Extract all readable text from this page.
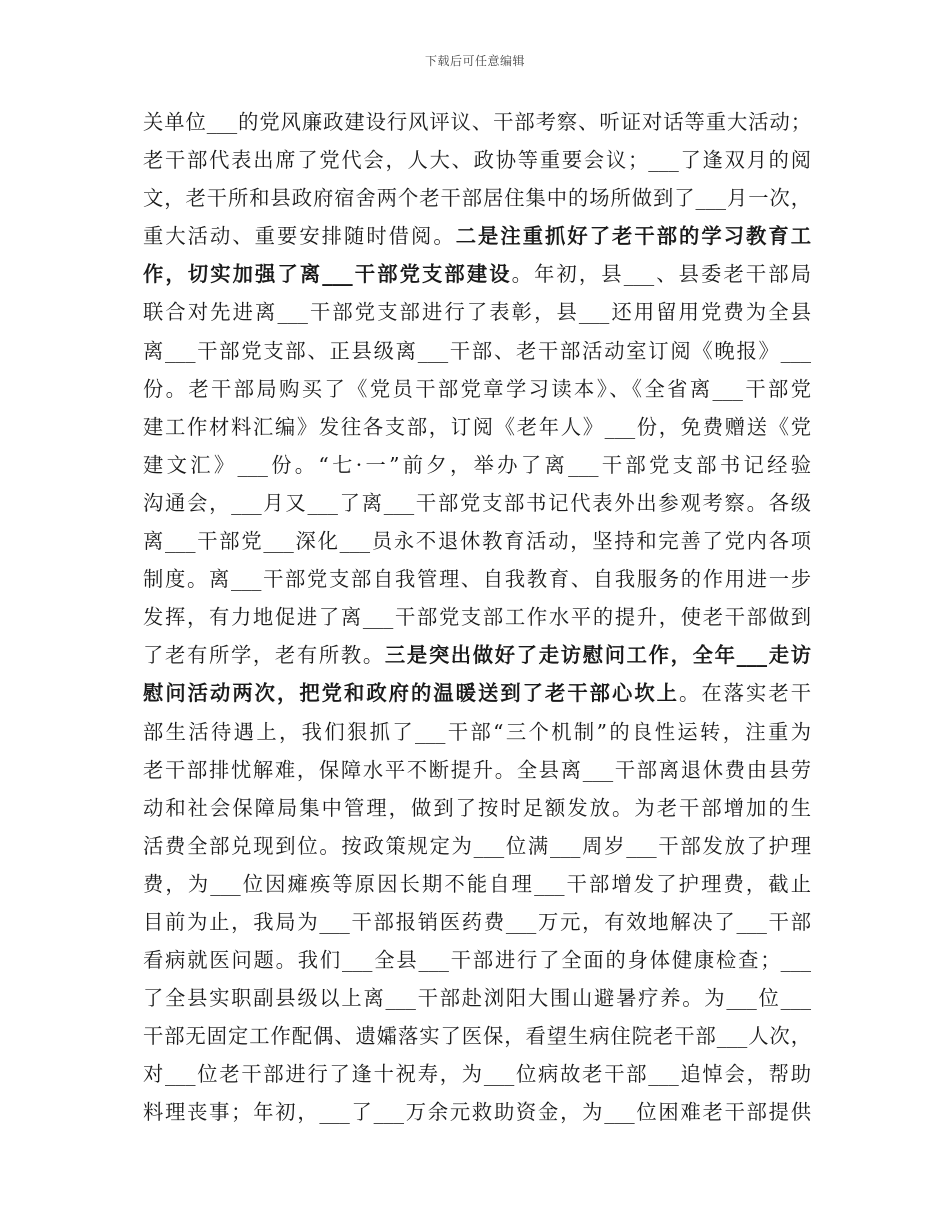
下载后可任意编辑
关单位___的党风廉政建设行风评议、干部考察、听证对话等重大活动；
老干部代表出席了党代会，人大、政协等重要会议；___了逢双月的阅
文，老干所和县政府宿舍两个老干部居住集中的场所做到了___月一次，
重大活动、重要安排随时借阅。二是注重抓好了老干部的学习教育工
作，切实加强了离___干部党支部建设。年初，县___、县委老干部局
联合对先进离___干部党支部进行了表彰，县___还用留用党费为全县
离___干部党支部、正县级离___干部、老干部活动室订阅《晚报》___
份。老干部局购买了《党员干部党章学习读本》、《全省离___干部党
建工作材料汇编》发往各支部，订阅《老年人》___份，免费赠送《党
建文汇》___份。“七·一”前夕，举办了离___干部党支部书记经验
沟通会，___月又___了离___干部党支部书记代表外出参观考察。各级
离___干部党___深化___员永不退休教育活动，坚持和完善了党内各项
制度。离___干部党支部自我管理、自我教育、自我服务的作用进一步
发挥，有力地促进了离___干部党支部工作水平的提升，使老干部做到
了老有所学，老有所教。三是突出做好了走访慰问工作，全年___走访
慰问活动两次，把党和政府的温暖送到了老干部心坎上。在落实老干
部生活待遇上，我们狠抓了___干部“三个机制”的良性运转，注重为
老干部排忧解难，保障水平不断提升。全县离___干部离退休费由县劳
动和社会保障局集中管理，做到了按时足额发放。为老干部增加的生
活费全部兑现到位。按政策规定为___位满___周岁___干部发放了护理
费，为___位因瘫痪等原因长期不能自理___干部增发了护理费，截止
目前为止，我局为___干部报销医药费___万元，有效地解决了___干部
看病就医问题。我们___全县___干部进行了全面的身体健康检查；___
了全县实职副县级以上离___干部赴浏阳大围山避暑疗养。为___位___
干部无固定工作配偶、遗孀落实了医保，看望生病住院老干部___人次，
对___位老干部进行了逢十祝寿，为___位病故老干部___追悼会，帮助
料理丧事；年初，___了___万余元救助资金，为___位困难老干部提供
